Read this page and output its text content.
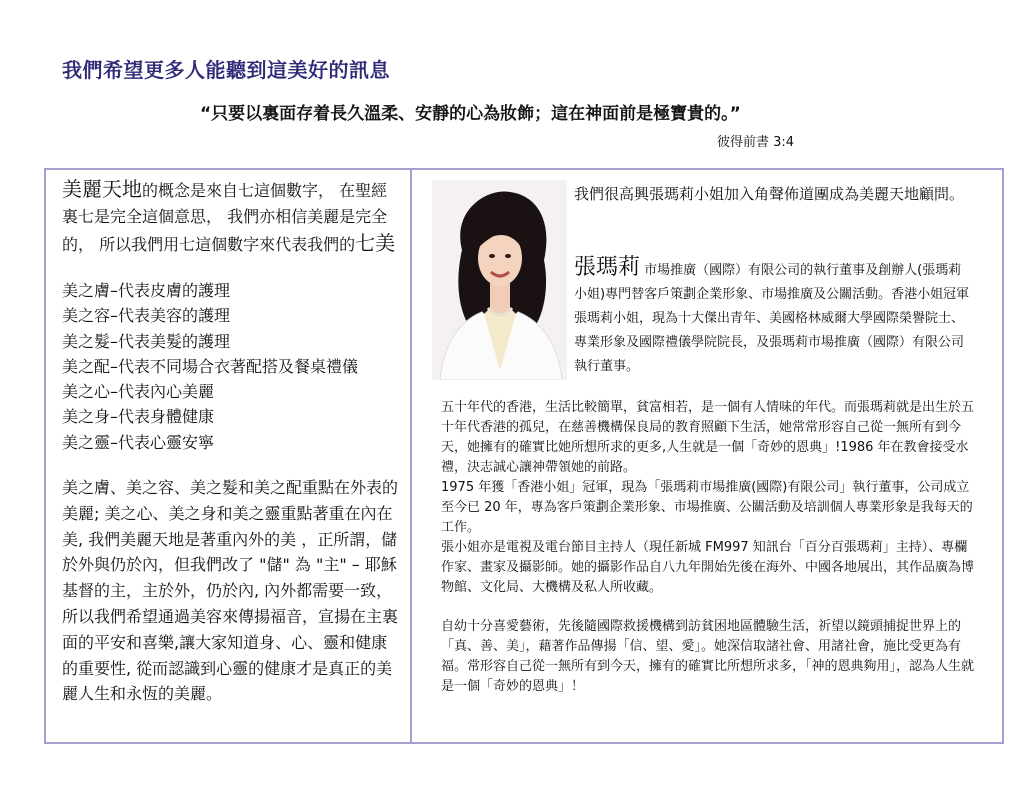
我們希望更多人能聽到這美好的訊息
“只要以裏面存着長久溫柔、安靜的心為妝飾；這在神面前是極寶貴的。”
彼得前書 3:4
美麗天地的概念是來自七這個數字， 在聖經裏七是完全這個意思， 我們亦相信美麗是完全的， 所以我們用七這個數字來代表我們的七美
美之膚–代表皮膚的護理
美之容–代表美容的護理
美之髮–代表美髮的護理
美之配–代表不同場合衣著配搭及餐桌禮儀
美之心–代表內心美麗
美之身–代表身體健康
美之靈–代表心靈安寧
美之膚、美之容、美之髮和美之配重點在外表的美麗; 美之心、美之身和美之靈重點著重在內在美, 我們美麗天地是著重內外的美 ，正所謂，儲於外與仍於內，但我們改了 "儲" 為 "主" – 耶穌基督的主，主於外，仍於內, 內外都需要一致， 所以我們希望通過美容來傳揚福音，宣揚在主裏面的平安和喜樂,讓大家知道身、心、靈和健康的重要性, 從而認識到心靈的健康才是真正的美麗人生和永恆的美麗。
我們很高興張瑪莉小姐加入角聲佈道團成為美麗天地顧問。
張瑪莉 市場推廣（國際）有限公司的執行董事及創辦人(張瑪莉小姐)專門替客戶策劃企業形象、市場推廣及公關活動。香港小姐冠軍張瑪莉小姐，現為十大傑出青年、美國格林威爾大學國際榮譽院士、專業形象及國際禮儀學院院長，及張瑪莉市場推廣（國際）有限公司執行董事。

五十年代的香港，生活比較簡單，貧富相若，是一個有人情味的年代。而張瑪莉就是出生於五十年代香港的孤兒，在慈善機構保良局的教育照顧下生活，她常常形容自己從一無所有到今天，她擁有的確實比她所想所求的更多,人生就是一個「奇妙的恩典」!1986 年在教會接受水禮，決志誠心讓神帶領她的前路。

1975 年獲「香港小姐」冠軍，現為「張瑪莉市場推廣(國際)有限公司」執行董事，公司成立至今已 20 年，專為客戶策劃企業形象、市場推廣、公關活動及培訓個人專業形象是我每天的工作。

張小姐亦是電視及電台節目主持人（現任新城 FM997 知訊台「百分百張瑪莉」主持）、專欄作家、畫家及攝影師。她的攝影作品自八九年開始先後在海外、中國各地展出，其作品廣為博物館、文化局、大機構及私人所收藏。

自幼十分喜愛藝術，先後隨國際救援機構到訪貧困地區體驗生活，祈望以鏡頭捕捉世界上的「真、善、美」，藉著作品傳揚「信、望、愛」。她深信取諸社會、用諸社會，施比受更為有福。常形容自己從一無所有到今天，擁有的確實比所想所求多，「神的恩典夠用」，認為人生就是一個「奇妙的恩典」！
